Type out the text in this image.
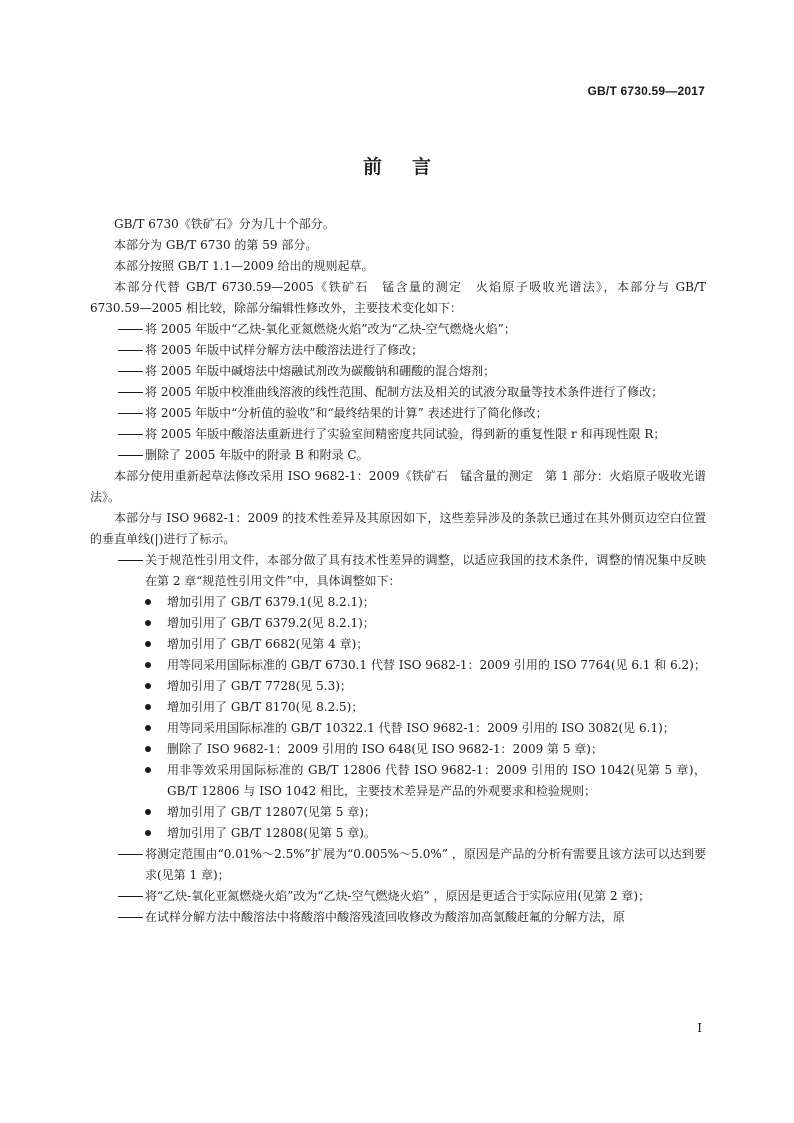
GB/T 6730.59—2017
前言

GB/T 6730《铁矿石》分为几十个部分。

本部分为 GB/T 6730 的第 59 部分。

本部分按照 GB/T 1.1—2009 给出的规则起草。

本部分代替 GB/T 6730.59—2005《铁矿石　锰含量的测定　火焰原子吸收光谱法》，本部分与 GB/T 6730.59—2005 相比较，除部分编辑性修改外，主要技术变化如下：

将 2005 年版中“乙炔-氧化亚氮燃烧火焰”改为“乙炔-空气燃烧火焰”；

将 2005 年版中试样分解方法中酸溶法进行了修改；

将 2005 年版中碱熔法中熔融试剂改为碳酸钠和硼酸的混合熔剂；

将 2005 年版中校准曲线溶液的线性范围、配制方法及相关的试液分取量等技术条件进行了修改；

将 2005 年版中“分析值的验收”和“最终结果的计算” 表述进行了简化修改；

将 2005 年版中酸溶法重新进行了实验室间精密度共同试验，得到新的重复性限 r 和再现性限 R；

删除了 2005 年版中的附录 B 和附录 C。

本部分使用重新起草法修改采用 ISO 9682-1：2009《铁矿石　锰含量的测定　第 1 部分：火焰原子吸收光谱法》。

本部分与 ISO 9682-1：2009 的技术性差异及其原因如下，这些差异涉及的条款已通过在其外侧页边空白位置的垂直单线(|)进行了标示。

关于规范性引用文件，本部分做了具有技术性差异的调整，以适应我国的技术条件，调整的情况集中反映在第 2 章“规范性引用文件”中，具体调整如下：

增加引用了 GB/T 6379.1(见 8.2.1)；

增加引用了 GB/T 6379.2(见 8.2.1)；

增加引用了 GB/T 6682(见第 4 章)；

用等同采用国际标准的 GB/T 6730.1 代替 ISO 9682-1：2009 引用的 ISO 7764(见 6.1 和 6.2)；

增加引用了 GB/T 7728(见 5.3)；

增加引用了 GB/T 8170(见 8.2.5)；

用等同采用国际标准的 GB/T 10322.1 代替 ISO 9682-1：2009 引用的 ISO 3082(见 6.1)；

删除了 ISO 9682-1：2009 引用的 ISO 648(见 ISO 9682-1：2009 第 5 章)；

用非等效采用国际标准的 GB/T 12806 代替 ISO 9682-1：2009 引用的 ISO 1042(见第 5 章)，GB/T 12806 与 ISO 1042 相比，主要技术差异是产品的外观要求和检验规则；

增加引用了 GB/T 12807(见第 5 章)；

增加引用了 GB/T 12808(见第 5 章)。

将测定范围由“0.01%～2.5%”扩展为“0.005%～5.0%” ，原因是产品的分析有需要且该方法可以达到要求(见第 1 章)；

将“乙炔-氧化亚氮燃烧火焰”改为“乙炔-空气燃烧火焰” ，原因是更适合于实际应用(见第 2 章)；

在试样分解方法中酸溶法中将酸溶中酸溶残渣回收修改为酸溶加高氯酸赶氟的分解方法，原

I
